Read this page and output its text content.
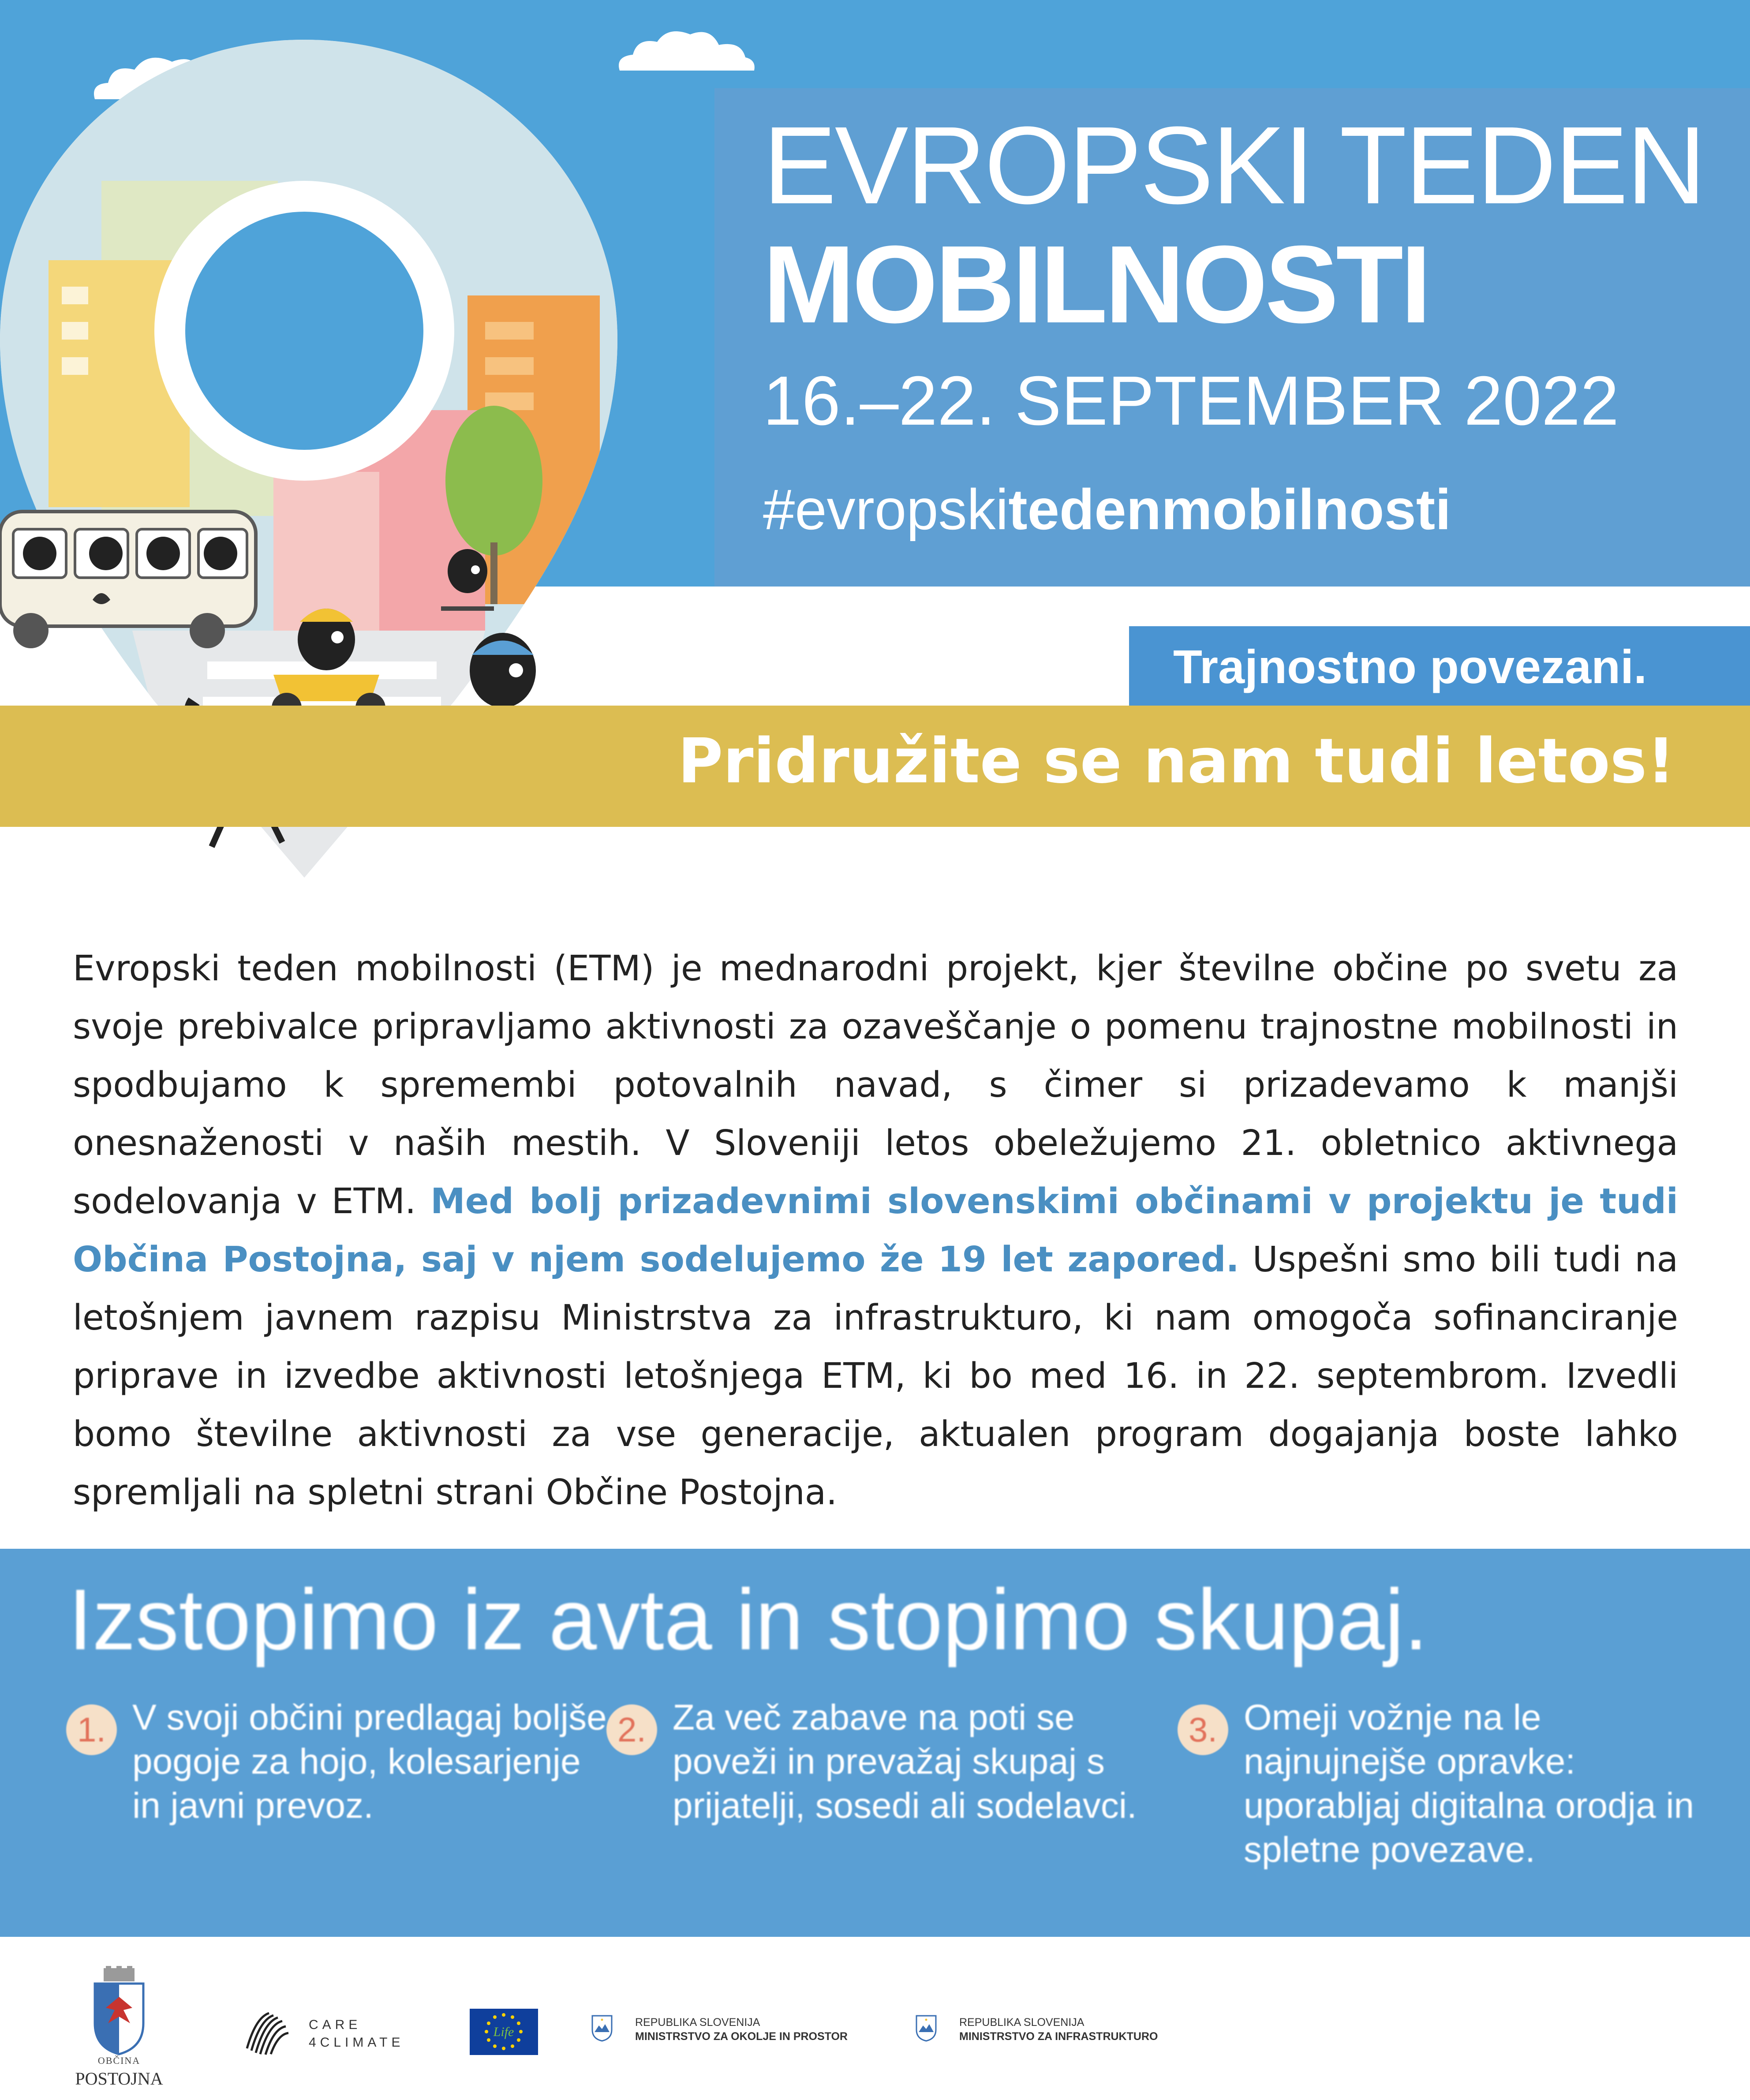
EVROPSKI TEDEN
MOBILNOSTI
16.–22. SEPTEMBER 2022
#evropskitedenmobilnosti
Trajnostno povezani.
Pridružite se nam tudi letos!

Evropski teden mobilnosti (ETM) je mednarodni projekt, kjer številne občine po svetu za svoje prebivalce pripravljamo aktivnosti za ozaveščanje o pomenu trajnostne mobilnosti in spodbujamo k spremembi potovalnih navad, s čimer si prizadevamo k manjši onesnaženosti v naših mestih. V Sloveniji letos obeležujemo 21. obletnico aktivnega sodelovanja v ETM. Med bolj prizadevnimi slovenskimi občinami v projektu je tudi Občina Postojna, saj v njem sodelujemo že 19 let zapored. Uspešni smo bili tudi na letošnjem javnem razpisu Ministrstva za infrastrukturo, ki nam omogoča sofinanciranje priprave in izvedbe aktivnosti letošnjega ETM, ki bo med 16. in 22. septembrom. Izvedli bomo številne aktivnosti za vse generacije, aktualen program dogajanja boste lahko spremljali na spletni strani Občine Postojna.

Izstopimo iz avta in stopimo skupaj.
1. V svoji občini predlagaj boljše pogoje za hojo, kolesarjenje in javni prevoz.

2. Za več zabave na poti se poveži in prevažaj skupaj s prijatelji, sosedi ali sodelavci.

3. Omeji vožnje na le najnujnejše opravke: uporabljaj digitalna orodja in spletne povezave.

OBČINA
POSTOJNA
CARE
4CLIMATE
Life
REPUBLIKA SLOVENIJA
MINISTRSTVO ZA OKOLJE IN PROSTOR
REPUBLIKA SLOVENIJA
MINISTRSTVO ZA INFRASTRUKTURO
